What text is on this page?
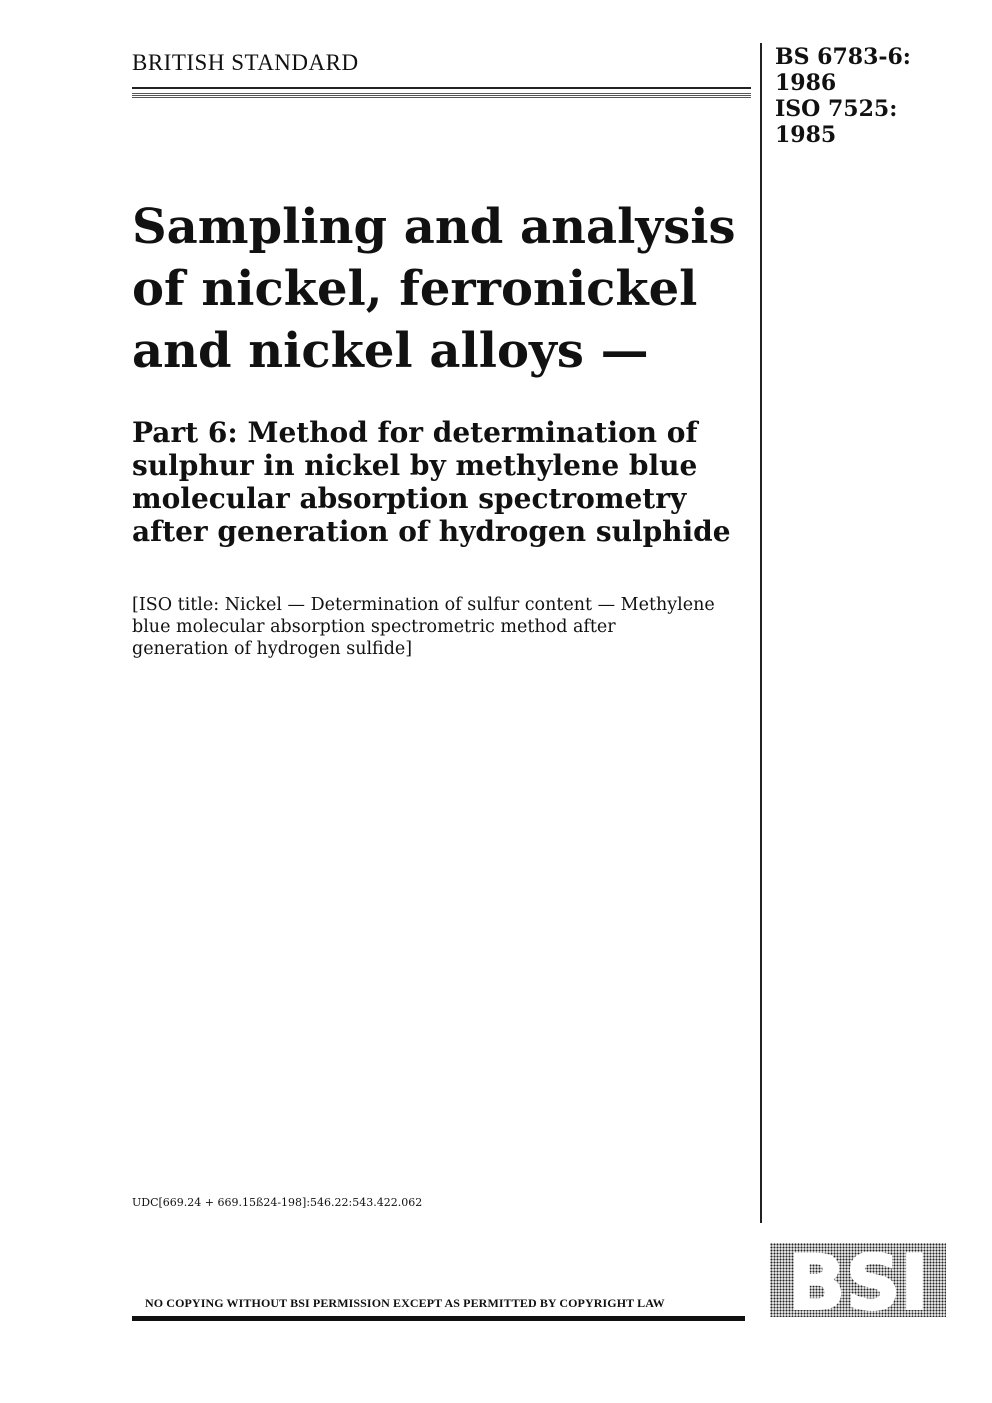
BRITISH STANDARD	BS 6783-6:
1986
ISO 7525:
1985
Sampling and analysis
of nickel, ferronickel
and nickel alloys —
Part 6: Method for determination of
sulphur in nickel by methylene blue
molecular absorption spectrometry
after generation of hydrogen sulphide
[ISO title: Nickel — Determination of sulfur content — Methylene
blue molecular absorption spectrometric method after
generation of hydrogen sulfide]
UDC[669.24 + 669.15ß24-198]:546.22:543.422.062
BSI
NO COPYING WITHOUT BSI PERMISSION EXCEPT AS PERMITTED BY COPYRIGHT LAW
